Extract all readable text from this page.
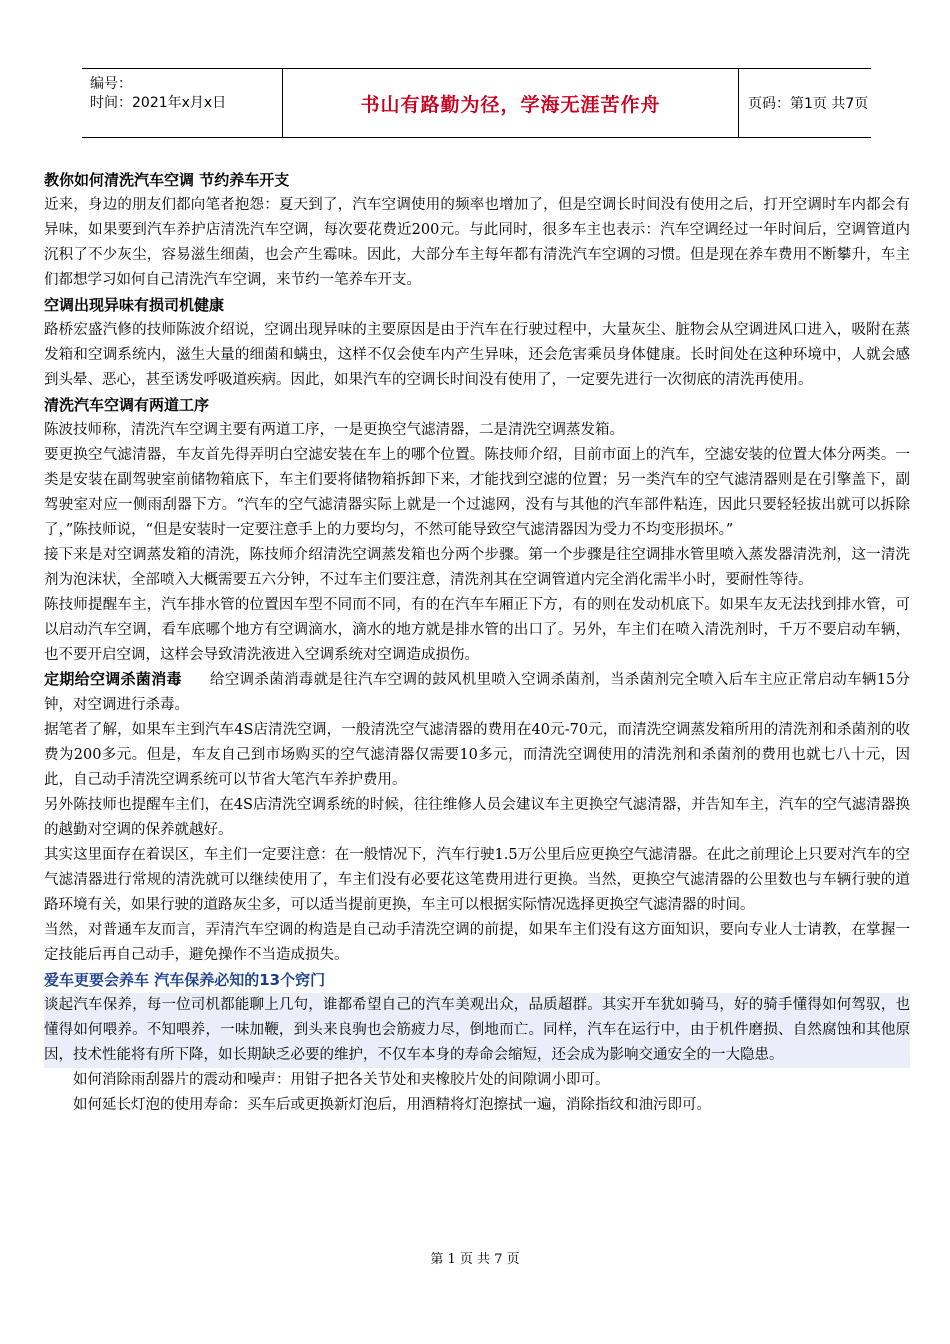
编号：
时间：2021年x月x日	书山有路勤为径，学海无涯苦作舟	页码：第1页 共7页

教你如何清洗汽车空调 节约养车开支

近来，身边的朋友们都向笔者抱怨：夏天到了，汽车空调使用的频率也增加了，但是空调长时间没有使用之后，打开空调时车内都会有异味，如果要到汽车养护店清洗汽车空调，每次要花费近200元。与此同时，很多车主也表示：汽车空调经过一年时间后，空调管道内沉积了不少灰尘，容易滋生细菌，也会产生霉味。因此，大部分车主每年都有清洗汽车空调的习惯。但是现在养车费用不断攀升，车主们都想学习如何自己清洗汽车空调，来节约一笔养车开支。

空调出现异味有损司机健康

路桥宏盛汽修的技师陈波介绍说，空调出现异味的主要原因是由于汽车在行驶过程中，大量灰尘、脏物会从空调进风口进入，吸附在蒸发箱和空调系统内，滋生大量的细菌和螨虫，这样不仅会使车内产生异味，还会危害乘员身体健康。长时间处在这种环境中，人就会感到头晕、恶心，甚至诱发呼吸道疾病。因此，如果汽车的空调长时间没有使用了，一定要先进行一次彻底的清洗再使用。

清洗汽车空调有两道工序

陈波技师称，清洗汽车空调主要有两道工序，一是更换空气滤清器，二是清洗空调蒸发箱。

要更换空气滤清器，车友首先得弄明白空滤安装在车上的哪个位置。陈技师介绍，目前市面上的汽车，空滤安装的位置大体分两类。一类是安装在副驾驶室前储物箱底下，车主们要将储物箱拆卸下来，才能找到空滤的位置；另一类汽车的空气滤清器则是在引擎盖下，副驾驶室对应一侧雨刮器下方。“汽车的空气滤清器实际上就是一个过滤网，没有与其他的汽车部件粘连，因此只要轻轻拔出就可以拆除了，”陈技师说，“但是安装时一定要注意手上的力要均匀，不然可能导致空气滤清器因为受力不均变形损坏。”

接下来是对空调蒸发箱的清洗，陈技师介绍清洗空调蒸发箱也分两个步骤。第一个步骤是往空调排水管里喷入蒸发器清洗剂，这一清洗剂为泡沫状，全部喷入大概需要五六分钟，不过车主们要注意，清洗剂其在空调管道内完全消化需半小时，要耐性等待。

陈技师提醒车主，汽车排水管的位置因车型不同而不同，有的在汽车车厢正下方，有的则在发动机底下。如果车友无法找到排水管，可以启动汽车空调，看车底哪个地方有空调滴水，滴水的地方就是排水管的出口了。另外，车主们在喷入清洗剂时，千万不要启动车辆，也不要开启空调，这样会导致清洗液进入空调系统对空调造成损伤。

定期给空调杀菌消毒 给空调杀菌消毒就是往汽车空调的鼓风机里喷入空调杀菌剂，当杀菌剂完全喷入后车主应正常启动车辆15分钟，对空调进行杀毒。

据笔者了解，如果车主到汽车4S店清洗空调，一般清洗空气滤清器的费用在40元-70元，而清洗空调蒸发箱所用的清洗剂和杀菌剂的收费为200多元。但是，车友自己到市场购买的空气滤清器仅需要10多元，而清洗空调使用的清洗剂和杀菌剂的费用也就七八十元，因此，自己动手清洗空调系统可以节省大笔汽车养护费用。

另外陈技师也提醒车主们，在4S店清洗空调系统的时候，往往维修人员会建议车主更换空气滤清器，并告知车主，汽车的空气滤清器换的越勤对空调的保养就越好。

其实这里面存在着误区，车主们一定要注意：在一般情况下，汽车行驶1.5万公里后应更换空气滤清器。在此之前理论上只要对汽车的空气滤清器进行常规的清洗就可以继续使用了，车主们没有必要花这笔费用进行更换。当然，更换空气滤清器的公里数也与车辆行驶的道路环境有关，如果行驶的道路灰尘多，可以适当提前更换，车主可以根据实际情况选择更换空气滤清器的时间。

当然，对普通车友而言，弄清汽车空调的构造是自己动手清洗空调的前提，如果车主们没有这方面知识，要向专业人士请教，在掌握一定技能后再自己动手，避免操作不当造成损失。

爱车更要会养车 汽车保养必知的13个窍门

谈起汽车保养，每一位司机都能聊上几句，谁都希望自己的汽车美观出众，品质超群。其实开车犹如骑马，好的骑手懂得如何驾驭，也懂得如何喂养。不知喂养，一味加鞭，到头来良驹也会筋疲力尽，倒地而亡。同样，汽车在运行中，由于机件磨损、自然腐蚀和其他原因，技术性能将有所下降，如长期缺乏必要的维护，不仅车本身的寿命会缩短，还会成为影响交通安全的一大隐患。

如何消除雨刮器片的震动和噪声：用钳子把各关节处和夹橡胶片处的间隙调小即可。

如何延长灯泡的使用寿命：买车后或更换新灯泡后，用酒精将灯泡擦拭一遍，消除指纹和油污即可。

第 1 页 共 7 页
